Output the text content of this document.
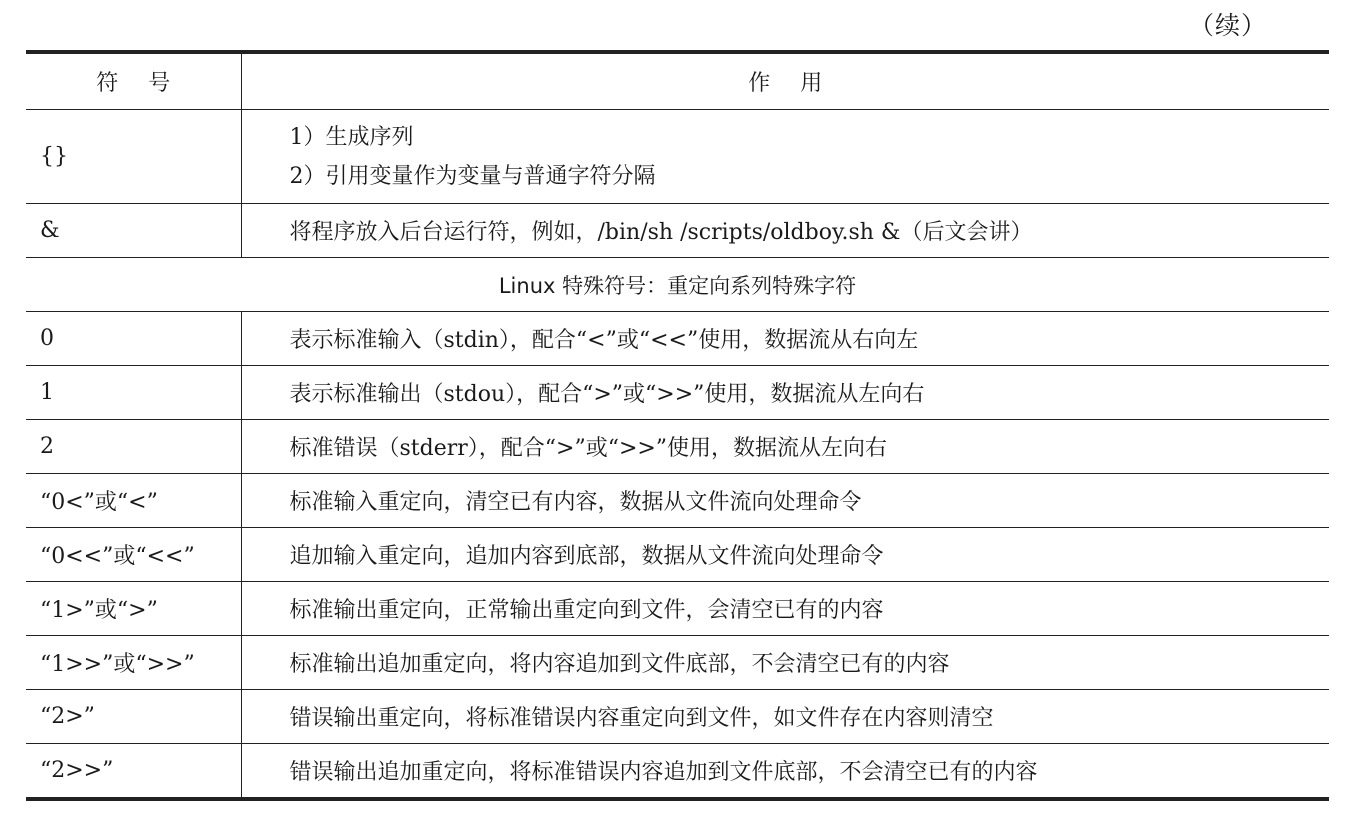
（续）
符号	作用
{}	1）生成序列
2）引用变量作为变量与普通字符分隔

&	将程序放入后台运行符，例如，/bin/sh /scripts/oldboy.sh &（后文会讲）
Linux 特殊符号：重定向系列特殊字符	
0	表示标准输入（stdin），配合“<”或“<<”使用，数据流从右向左
1	表示标准输出（stdou），配合“>”或“>>”使用，数据流从左向右
2	标准错误（stderr），配合“>”或“>>”使用，数据流从左向右
“0<”或“<”	标准输入重定向，清空已有内容，数据从文件流向处理命令
“0<<”或“<<”	追加输入重定向，追加内容到底部，数据从文件流向处理命令
“1>”或“>”	标准输出重定向，正常输出重定向到文件，会清空已有的内容
“1>>”或“>>”	标准输出追加重定向，将内容追加到文件底部，不会清空已有的内容
“2>”	错误输出重定向，将标准错误内容重定向到文件，如文件存在内容则清空
“2>>”	错误输出追加重定向，将标准错误内容追加到文件底部，不会清空已有的内容
